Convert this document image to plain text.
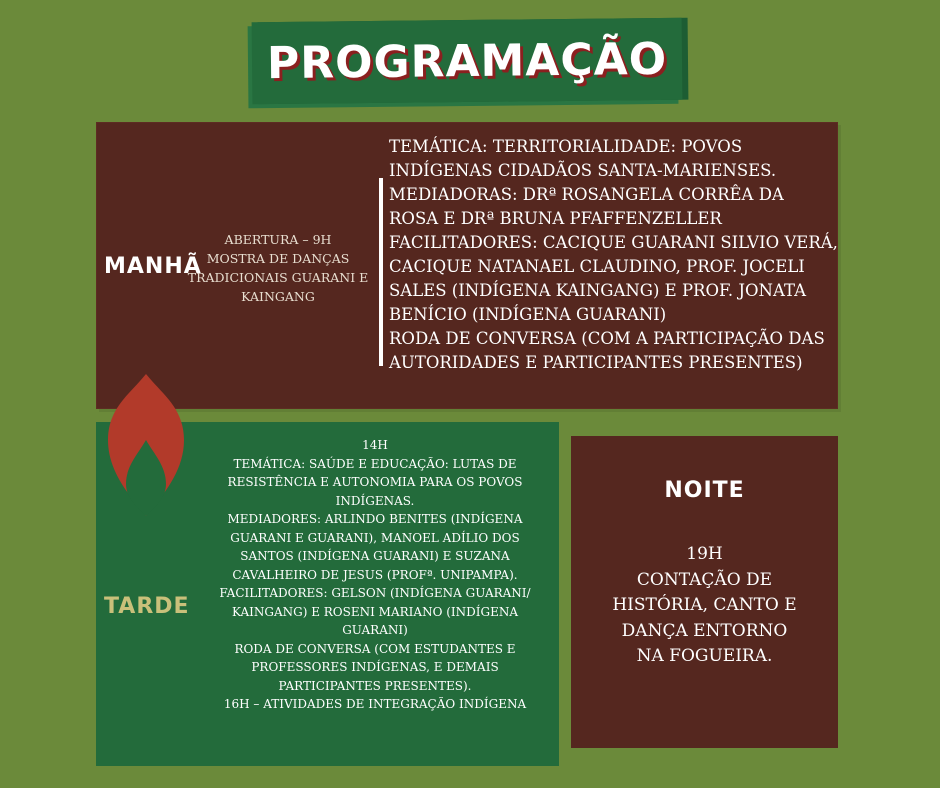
PROGRAMAÇÃO
MANHÃ
ABERTURA – 9H
MOSTRA DE DANÇAS
TRADICIONAIS GUARANI E
KAINGANG
TEMÁTICA: TERRITORIALIDADE: POVOS
INDÍGENAS CIDADÃOS SANTA-MARIENSES.
MEDIADORAS: DRª ROSANGELA CORRÊA DA
ROSA E DRª BRUNA PFAFFENZELLER
FACILITADORES: CACIQUE GUARANI SILVIO VERÁ,
CACIQUE NATANAEL CLAUDINO, PROF. JOCELI
SALES (INDÍGENA KAINGANG) E PROF. JONATA
BENÍCIO (INDÍGENA GUARANI)
RODA DE CONVERSA (COM A PARTICIPAÇÃO DAS
AUTORIDADES E PARTICIPANTES PRESENTES)
TARDE
14H
TEMÁTICA: SAÚDE E EDUCAÇÃO: LUTAS DE
RESISTÊNCIA E AUTONOMIA PARA OS POVOS
INDÍGENAS.
MEDIADORES: ARLINDO BENITES (INDÍGENA
GUARANI E GUARANI), MANOEL ADÍLIO DOS
SANTOS (INDÍGENA GUARANI) E SUZANA
CAVALHEIRO DE JESUS (PROFª. UNIPAMPA).
FACILITADORES: GELSON (INDÍGENA GUARANI/
KAINGANG) E ROSENI MARIANO (INDÍGENA
GUARANI)
RODA DE CONVERSA (COM ESTUDANTES E
PROFESSORES INDÍGENAS, E DEMAIS
PARTICIPANTES PRESENTES).
16H – ATIVIDADES DE INTEGRAÇÃO INDÍGENA
NOITE
19H
CONTAÇÃO DE
HISTÓRIA, CANTO E
DANÇA ENTORNO
NA FOGUEIRA.
